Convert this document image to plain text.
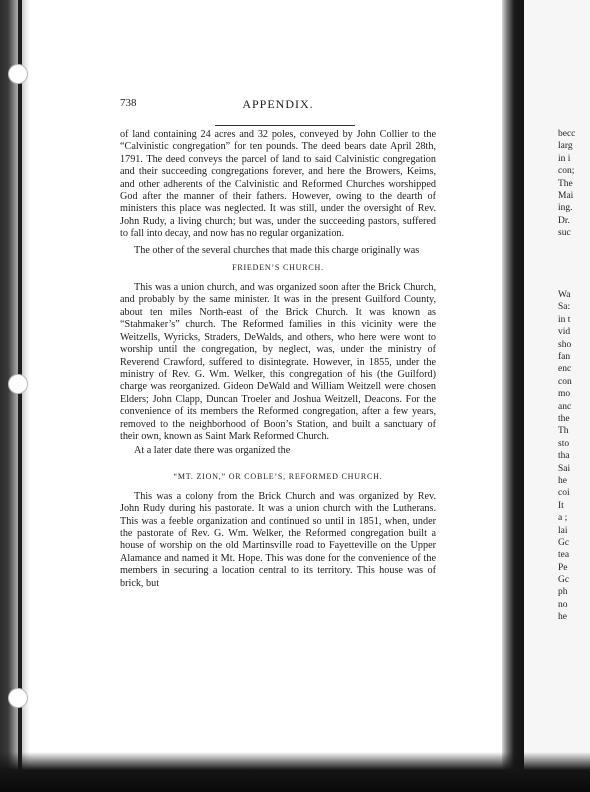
738	APPENDIX.

of land containing 24 acres and 32 poles, conveyed by John Collier to the “Calvinistic congregation” for ten pounds. The deed bears date April 28th, 1791. The deed conveys the parcel of land to said Calvinistic congregation and their succeeding congregations forever, and here the Browers, Keims, and other adherents of the Calvinistic and Reformed Churches worshipped God after the manner of their fathers. However, owing to the dearth of ministers this place was neglected. It was still, under the oversight of Rev. John Rudy, a living church; but was, under the succeeding pastors, suffered to fall into decay, and now has no regular organization.

The other of the several churches that made this charge originally was

FRIEDEN’S CHURCH.

This was a union church, and was organized soon after the Brick Church, and probably by the same minister. It was in the present Guilford County, about ten miles North-east of the Brick Church. It was known as “Stahmaker’s” church. The Reformed families in this vicinity were the Weitzells, Wyricks, Straders, DeWalds, and others, who here were wont to worship until the congregation, by neglect, was, under the ministry of Reverend Crawford, suffered to disintegrate. However, in 1855, under the ministry of Rev. G. Wm. Welker, this congregation of his (the Guilford) charge was reorganized. Gideon DeWald and William Weitzell were chosen Elders; John Clapp, Duncan Troeler and Joshua Weitzell, Deacons. For the convenience of its members the Reformed congregation, after a few years, removed to the neighborhood of Boon’s Station, and built a sanctuary of their own, known as Saint Mark Reformed Church.

At a later date there was organized the

“MT. ZION,” OR COBLE’S, REFORMED CHURCH.

This was a colony from the Brick Church and was organized by Rev. John Rudy during his pastorate. It was a union church with the Lutherans. This was a feeble organization and continued so until in 1851, when, under the pastorate of Rev. G. Wm. Welker, the Reformed congregation built a house of worship on the old Martinsville road to Fayetteville on the Upper Alamance and named it Mt. Hope. This was done for the convenience of the members in securing a location central to its territory. This house was of brick, but

becc
larg
in i
con;
The
Mai
ing.
Dr.
suc
Wa
Sa:
in t
vid
sho
fan
enc
con
mo
anc
the
Th
sto
tha
Sai
he
coi
It
a ;
lai
Gc
tea
Pe
Gc
ph
no
he
